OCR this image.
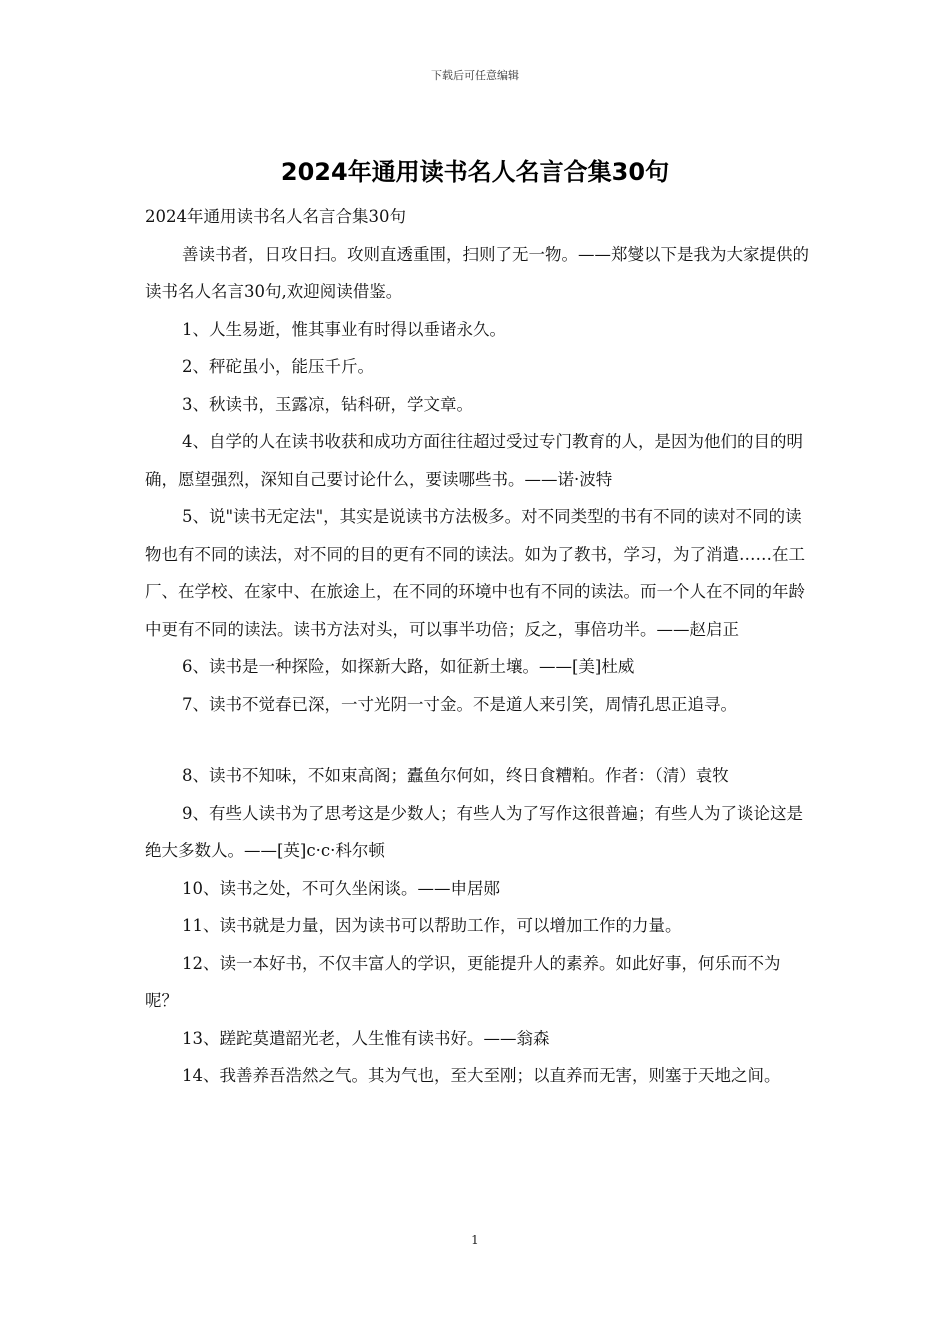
下载后可任意编辑
2024年通用读书名人名言合集30句

2024年通用读书名人名言合集30句

善读书者，日攻日扫。攻则直透重围，扫则了无一物。——郑燮以下是我为大家提供的读书名人名言30句,欢迎阅读借鉴。

1、人生易逝，惟其事业有时得以垂诸永久。

2、秤砣虽小，能压千斤。

3、秋读书，玉露凉，钻科研，学文章。

4、自学的人在读书收获和成功方面往往超过受过专门教育的人，是因为他们的目的明确，愿望强烈，深知自己要讨论什么，要读哪些书。——诺·波特

5、说"读书无定法"，其实是说读书方法极多。对不同类型的书有不同的读对不同的读物也有不同的读法，对不同的目的更有不同的读法。如为了教书，学习，为了消遣……在工厂、在学校、在家中、在旅途上，在不同的环境中也有不同的读法。而一个人在不同的年龄中更有不同的读法。读书方法对头，可以事半功倍；反之，事倍功半。——赵启正

6、读书是一种探险，如探新大路，如征新土壤。——[美]杜威

7、读书不觉春已深，一寸光阴一寸金。不是道人来引笑，周情孔思正追寻。

8、读书不知味，不如束高阁；蠹鱼尔何如，终日食糟粕。作者：（清）袁牧

9、有些人读书为了思考这是少数人；有些人为了写作这很普遍；有些人为了谈论这是绝大多数人。——[英]c·c·科尔顿

10、读书之处，不可久坐闲谈。——申居郧

11、读书就是力量，因为读书可以帮助工作，可以增加工作的力量。

12、读一本好书，不仅丰富人的学识，更能提升人的素养。如此好事，何乐而不为呢？

13、蹉跎莫遣韶光老，人生惟有读书好。——翁森

14、我善养吾浩然之气。其为气也，至大至刚；以直养而无害，则塞于天地之间。

1
